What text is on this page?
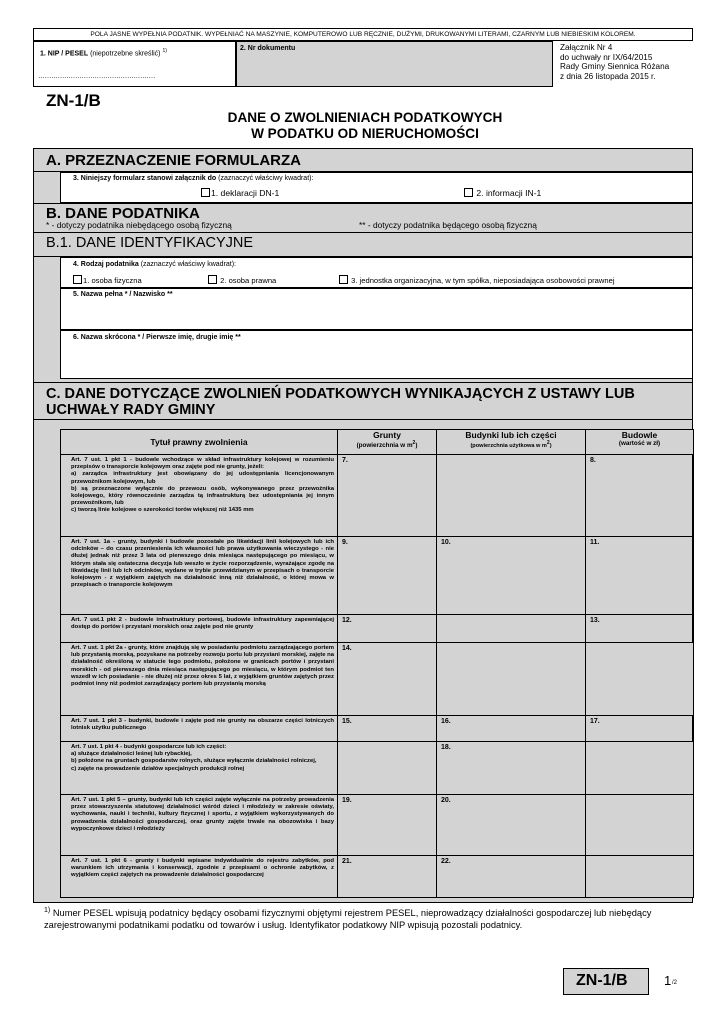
POLA JASNE WYPEŁNIA PODATNIK. WYPEŁNIAĆ NA MASZYNIE, KOMPUTEROWO LUB RĘCZNIE, DUŻYMI, DRUKOWANYMI LITERAMI, CZARNYM LUB NIEBIESKIM KOLOREM.
1. NIP / PESEL (niepotrzebne skreślić) $^{1)}$
………………………………………………
2. Nr dokumentu	Załącznik Nr 4
do uchwały nr IX/64/2015
Rady Gminy Siennica Różana
z dnia 26 listopada 2015 r.
ZN-1/B
DANE O ZWOLNIENIACH PODATKOWYCH
W PODATKU OD NIERUCHOMOŚCI
A. PRZEZNACZENIE FORMULARZA
3. Niniejszy formularz stanowi załącznik do (zaznaczyć właściwy kwadrat):
1. deklaracji DN-1	2. informacji IN-1
B. DANE PODATNIKA
* - dotyczy podatnika niebędącego osobą fizyczną	** - dotyczy podatnika będącego osobą fizyczną
B.1. DANE IDENTYFIKACYJNE
4. Rodzaj podatnika (zaznaczyć właściwy kwadrat):
1. osoba fizyczna	2. osoba prawna	3. jednostka organizacyjna, w tym spółka, nieposiadająca osobowości prawnej
5. Nazwa pełna * / Nazwisko **
6. Nazwa skrócona * / Pierwsze imię, drugie imię **
C. DANE DOTYCZĄCE ZWOLNIEŃ PODATKOWYCH WYNIKAJĄCYCH Z USTAWY LUB
UCHWAŁY RADY GMINY
Tytuł prawny zwolnienia	Grunty
(powierzchnia w $m^2$)	Budynki lub ich części
(powierzchnia użytkowa w $m^2$)	Budowle
(wartość w zł)

Art. 7 ust. 1 pkt 1 - budowle wchodzące w skład infrastruktury kolejowej w rozumieniu przepisów o transporcie kolejowym oraz zajęte pod nie grunty, jeżeli:
a) zarządca infrastruktury jest obowiązany do jej udostępniania licencjonowanym przewoźnikom kolejowym, lub
b) są przeznaczone wyłącznie do przewozu osób, wykonywanego przez przewoźnika kolejowego, który równocześnie zarządza tą infrastrukturą bez udostępniania jej innym przewoźnikom, lub
c) tworzą linie kolejowe o szerokości torów większej niż 1435 mm	7.		8.
Art. 7 ust. 1a - grunty, budynki i budowle pozostałe po likwidacji linii kolejowych lub ich odcinków – do czasu przeniesienia ich własności lub prawa użytkowania wieczystego - nie dłużej jednak niż przez 3 lata od pierwszego dnia miesiąca następującego po miesiącu, w którym stała się ostateczna decyzja lub weszło w życie rozporządzenie, wyrażające zgodę na likwidację linii lub ich odcinków, wydane w trybie przewidzianym w przepisach o transporcie kolejowym - z wyjątkiem zajętych na działalność inną niż działalność, o której mowa w przepisach o transporcie kolejowym	9.	10.	11.
Art. 7 ust.1 pkt 2 - budowle infrastruktury portowej, budowle infrastruktury zapewniającej dostęp do portów i przystani morskich oraz zajęte pod nie grunty	12.		13.
Art. 7 ust. 1 pkt 2a - grunty, które znajdują się w posiadaniu podmiotu zarządzającego portem lub przystanią morską, pozyskane na potrzeby rozwoju portu lub przystani morskiej, zajęte na działalność określoną w statucie tego podmiotu, położone w granicach portów i przystani morskich - od pierwszego dnia miesiąca następującego po miesiącu, w którym podmiot ten wszedł w ich posiadanie - nie dłużej niż przez okres 5 lat, z wyjątkiem gruntów zajętych przez podmiot inny niż podmiot zarządzający portem lub przystanią morską	14.		
Art. 7 ust. 1 pkt 3 - budynki, budowle i zajęte pod nie grunty na obszarze części lotniczych lotnisk użytku publicznego	15.	16.	17.
Art. 7 ust. 1 pkt 4 - budynki gospodarcze lub ich części:
a) służące działalności leśnej lub rybackiej,
b) położone na gruntach gospodarstw rolnych, służące wyłącznie działalności rolniczej,
c) zajęte na prowadzenie działów specjalnych produkcji rolnej		18.	
Art. 7 ust. 1 pkt 5 – grunty, budynki lub ich części zajęte wyłącznie na potrzeby prowadzenia przez stowarzyszenia statutowej działalności wśród dzieci i młodzieży w zakresie oświaty, wychowania, nauki i techniki, kultury fizycznej i sportu, z wyjątkiem wykorzystywanych do prowadzenia działalności gospodarczej, oraz grunty zajęte trwale na obozowiska i bazy wypoczynkowe dzieci i młodzieży	19.	20.	
Art. 7 ust. 1 pkt 6 - grunty i budynki wpisane indywidualnie do rejestru zabytków, pod warunkiem ich utrzymania i konserwacji, zgodnie z przepisami o ochronie zabytków, z wyjątkiem części zajętych na prowadzenie działalności gospodarczej	21.	22.	
$^{1)}$ Numer PESEL wpisują podatnicy będący osobami fizycznymi objętymi rejestrem PESEL, nieprowadzący działalności gospodarczej lub niebędący zarejestrowanymi podatnikami podatku od towarów i usług. Identyfikator podatkowy NIP wpisują pozostali podatnicy.
ZN-1/B	1 /2
